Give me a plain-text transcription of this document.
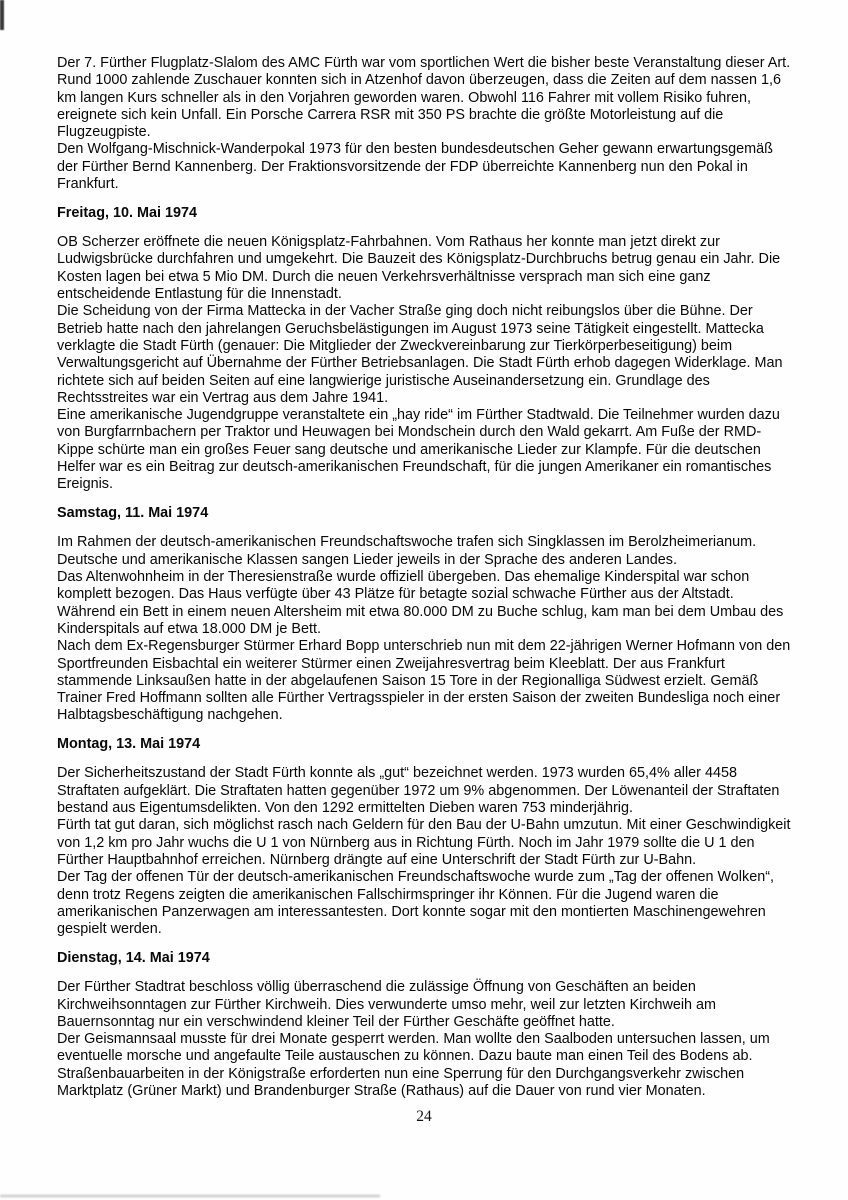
Der 7. Fürther Flugplatz-Slalom des AMC Fürth war vom sportlichen Wert die bisher beste Veranstaltung dieser Art. Rund 1000 zahlende Zuschauer konnten sich in Atzenhof davon überzeugen, dass die Zeiten auf dem nassen 1,6 km langen Kurs schneller als in den Vorjahren geworden waren. Obwohl 116 Fahrer mit vollem Risiko fuhren, ereignete sich kein Unfall. Ein Porsche Carrera RSR mit 350 PS brachte die größte Motorleistung auf die Flugzeugpiste.

Den Wolfgang-Mischnick-Wanderpokal 1973 für den besten bundesdeutschen Geher gewann erwartungsgemäß der Fürther Bernd Kannenberg. Der Fraktionsvorsitzende der FDP überreichte Kannenberg nun den Pokal in Frankfurt.

Freitag, 10. Mai 1974

OB Scherzer eröffnete die neuen Königsplatz-Fahrbahnen. Vom Rathaus her konnte man jetzt direkt zur Ludwigsbrücke durchfahren und umgekehrt. Die Bauzeit des Königsplatz-Durchbruchs betrug genau ein Jahr. Die Kosten lagen bei etwa 5 Mio DM. Durch die neuen Verkehrsverhältnisse versprach man sich eine ganz entscheidende Entlastung für die Innenstadt.

Die Scheidung von der Firma Mattecka in der Vacher Straße ging doch nicht reibungslos über die Bühne. Der Betrieb hatte nach den jahrelangen Geruchsbelästigungen im August 1973 seine Tätigkeit eingestellt. Mattecka verklagte die Stadt Fürth (genauer: Die Mitglieder der Zweckvereinbarung zur Tierkörperbeseitigung) beim Verwaltungsgericht auf Übernahme der Fürther Betriebsanlagen. Die Stadt Fürth erhob dagegen Widerklage. Man richtete sich auf beiden Seiten auf eine langwierige juristische Auseinandersetzung ein. Grundlage des Rechtsstreites war ein Vertrag aus dem Jahre 1941.

Eine amerikanische Jugendgruppe veranstaltete ein „hay ride“ im Fürther Stadtwald. Die Teilnehmer wurden dazu von Burgfarrnbachern per Traktor und Heuwagen bei Mondschein durch den Wald gekarrt. Am Fuße der RMD-Kippe schürte man ein großes Feuer sang deutsche und amerikanische Lieder zur Klampfe. Für die deutschen Helfer war es ein Beitrag zur deutsch-amerikanischen Freundschaft, für die jungen Amerikaner ein romantisches Ereignis.

Samstag, 11. Mai 1974

Im Rahmen der deutsch-amerikanischen Freundschaftswoche trafen sich Singklassen im Berolzheimerianum. Deutsche und amerikanische Klassen sangen Lieder jeweils in der Sprache des anderen Landes.

Das Altenwohnheim in der Theresienstraße wurde offiziell übergeben. Das ehemalige Kinderspital war schon komplett bezogen. Das Haus verfügte über 43 Plätze für betagte sozial schwache Fürther aus der Altstadt. Während ein Bett in einem neuen Altersheim mit etwa 80.000 DM zu Buche schlug, kam man bei dem Umbau des Kinderspitals auf etwa 18.000 DM je Bett.

Nach dem Ex-Regensburger Stürmer Erhard Bopp unterschrieb nun mit dem 22-jährigen Werner Hofmann von den Sportfreunden Eisbachtal ein weiterer Stürmer einen Zweijahresvertrag beim Kleeblatt. Der aus Frankfurt stammende Linksaußen hatte in der abgelaufenen Saison 15 Tore in der Regionalliga Südwest erzielt. Gemäß Trainer Fred Hoffmann sollten alle Fürther Vertragsspieler in der ersten Saison der zweiten Bundesliga noch einer Halbtagsbeschäftigung nachgehen.

Montag, 13. Mai 1974

Der Sicherheitszustand der Stadt Fürth konnte als „gut“ bezeichnet werden. 1973 wurden 65,4% aller 4458 Straftaten aufgeklärt. Die Straftaten hatten gegenüber 1972 um 9% abgenommen. Der Löwenanteil der Straftaten bestand aus Eigentumsdelikten. Von den 1292 ermittelten Dieben waren 753 minderjährig.

Fürth tat gut daran, sich möglichst rasch nach Geldern für den Bau der U-Bahn umzutun. Mit einer Geschwindigkeit von 1,2 km pro Jahr wuchs die U 1 von Nürnberg aus in Richtung Fürth. Noch im Jahr 1979 sollte die U 1 den Fürther Hauptbahnhof erreichen. Nürnberg drängte auf eine Unterschrift der Stadt Fürth zur U-Bahn.

Der Tag der offenen Tür der deutsch-amerikanischen Freundschaftswoche wurde zum „Tag der offenen Wolken“, denn trotz Regens zeigten die amerikanischen Fallschirmspringer ihr Können. Für die Jugend waren die amerikanischen Panzerwagen am interessantesten. Dort konnte sogar mit den montierten Maschinengewehren gespielt werden.

Dienstag, 14. Mai 1974

Der Fürther Stadtrat beschloss völlig überraschend die zulässige Öffnung von Geschäften an beiden Kirchweihsonntagen zur Fürther Kirchweih. Dies verwunderte umso mehr, weil zur letzten Kirchweih am Bauernsonntag nur ein verschwindend kleiner Teil der Fürther Geschäfte geöffnet hatte.

Der Geismannsaal musste für drei Monate gesperrt werden. Man wollte den Saalboden untersuchen lassen, um eventuelle morsche und angefaulte Teile austauschen zu können. Dazu baute man einen Teil des Bodens ab.

Straßenbauarbeiten in der Königstraße erforderten nun eine Sperrung für den Durchgangsverkehr zwischen Marktplatz (Grüner Markt) und Brandenburger Straße (Rathaus) auf die Dauer von rund vier Monaten.

24
